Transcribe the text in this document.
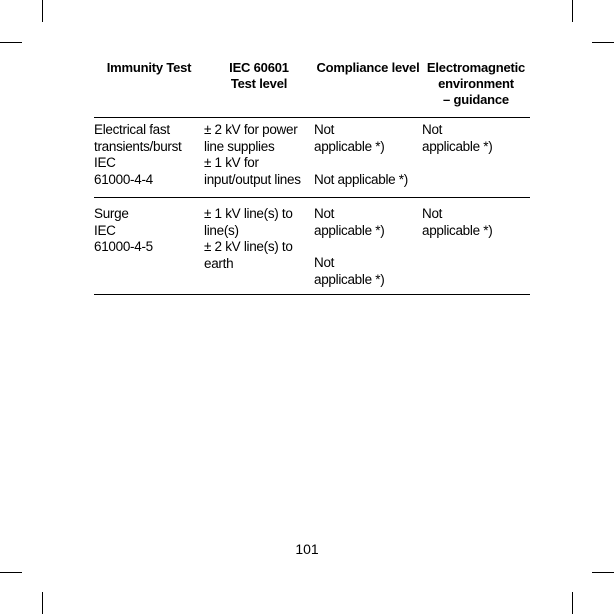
Immunity Test	IEC 60601
Test level
Compliance level Electromagnetic
environment
– guidance
Electrical fast
transients/burst
IEC
61000-4-4
± 2 kV for power
line supplies
± 1 kV for
input/output lines
Not
applicable *)
Not applicable *)
Not
applicable *)
Surge
IEC
61000-4-5
± 1 kV line(s) to
line(s)
± 2 kV line(s) to
earth
Not
applicable *)
Not
applicable *)
Not
applicable *)
101
